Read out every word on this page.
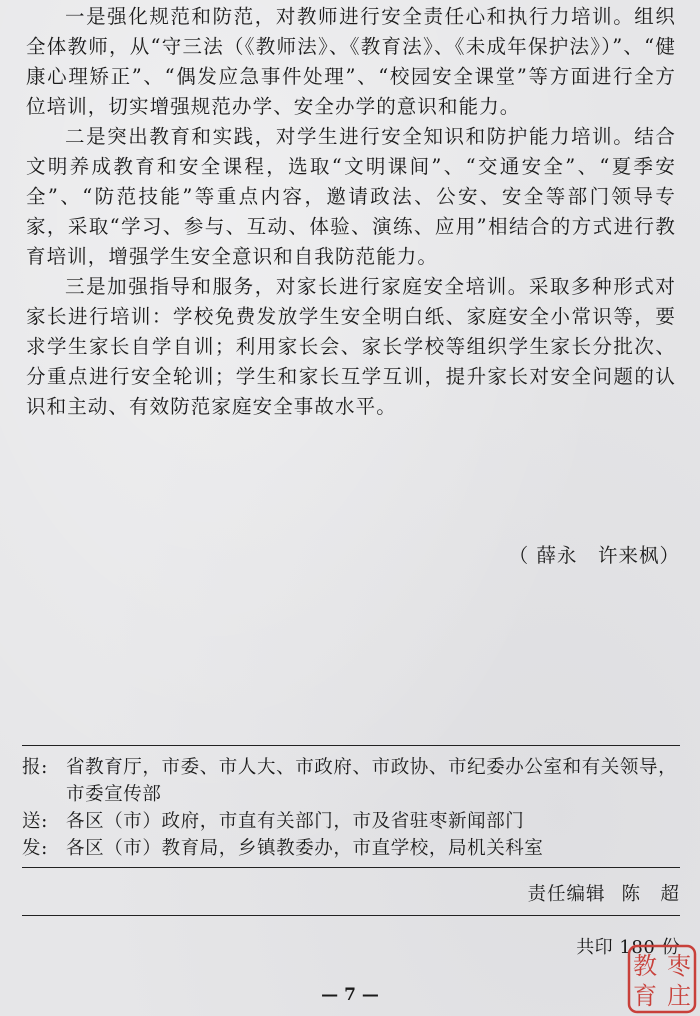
一是强化规范和防范，对教师进行安全责任心和执行力培训。组织全体教师，从“守三法（《教师法》、《教育法》、《未成年保护法》）”、“健康心理矫正”、“偶发应急事件处理”、“校园安全课堂”等方面进行全方位培训，切实增强规范办学、安全办学的意识和能力。

二是突出教育和实践，对学生进行安全知识和防护能力培训。结合文明养成教育和安全课程，选取“文明课间”、“交通安全”、“夏季安全”、“防范技能”等重点内容，邀请政法、公安、安全等部门领导专家，采取“学习、参与、互动、体验、演练、应用”相结合的方式进行教育培训，增强学生安全意识和自我防范能力。

三是加强指导和服务，对家长进行家庭安全培训。采取多种形式对家长进行培训：学校免费发放学生安全明白纸、家庭安全小常识等，要求学生家长自学自训；利用家长会、家长学校等组织学生家长分批次、分重点进行安全轮训；学生和家长互学互训，提升家长对安全问题的认识和主动、有效防范家庭安全事故水平。

（ 薛永　许来枫）
报: 省教育厅，市委、市人大、市政府、市政协、市纪委办公室和有关领导，市委宣传部
送: 各区（市）政府，市直有关部门，市及省驻枣新闻部门
发: 各区（市）教育局，乡镇教委办，市直学校，局机关科室
责任编辑 陈　超
共印 180 份
— 7 —
枣
庄
教
育
